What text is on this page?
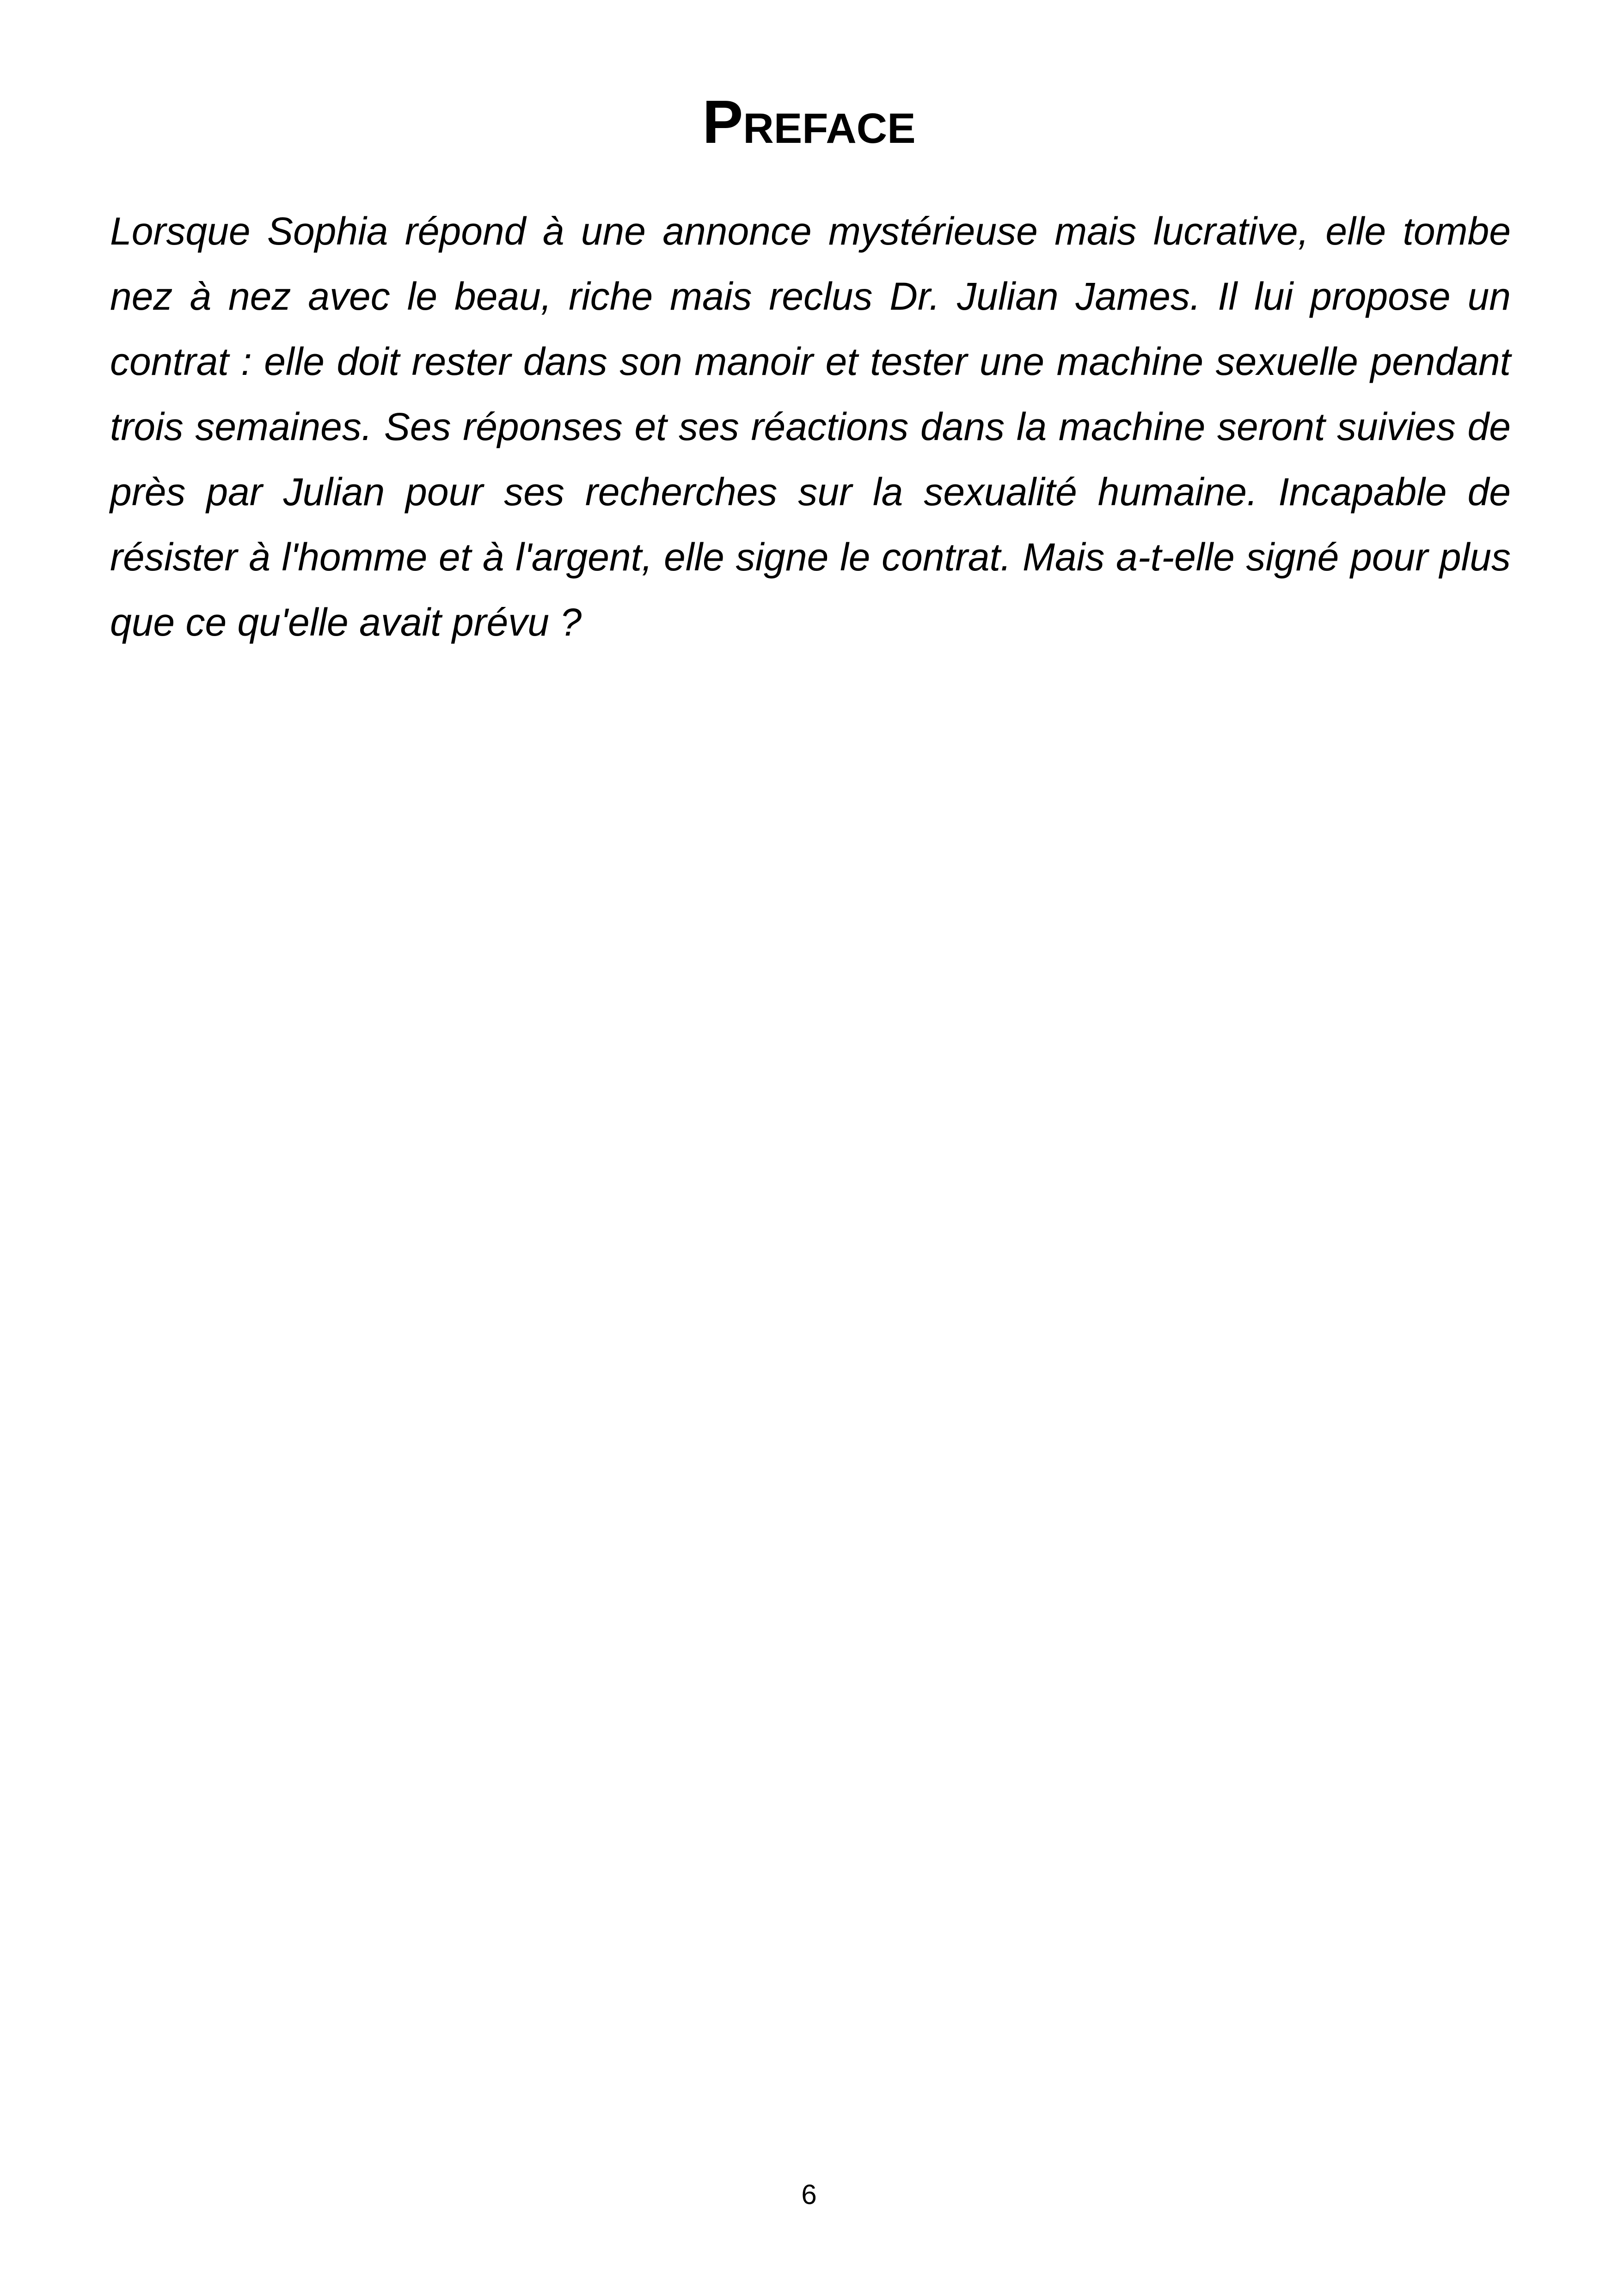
Preface

Lorsque Sophia répond à une annonce mystérieuse mais lucrative, elle tombe nez à nez avec le beau, riche mais reclus Dr. Julian James. Il lui propose un contrat : elle doit rester dans son manoir et tester une machine sexuelle pendant trois semaines. Ses réponses et ses réactions dans la machine seront suivies de près par Julian pour ses recherches sur la sexualité humaine. Incapable de résister à l'homme et à l'argent, elle signe le contrat. Mais a-t-elle signé pour plus que ce qu'elle avait prévu ?

6
